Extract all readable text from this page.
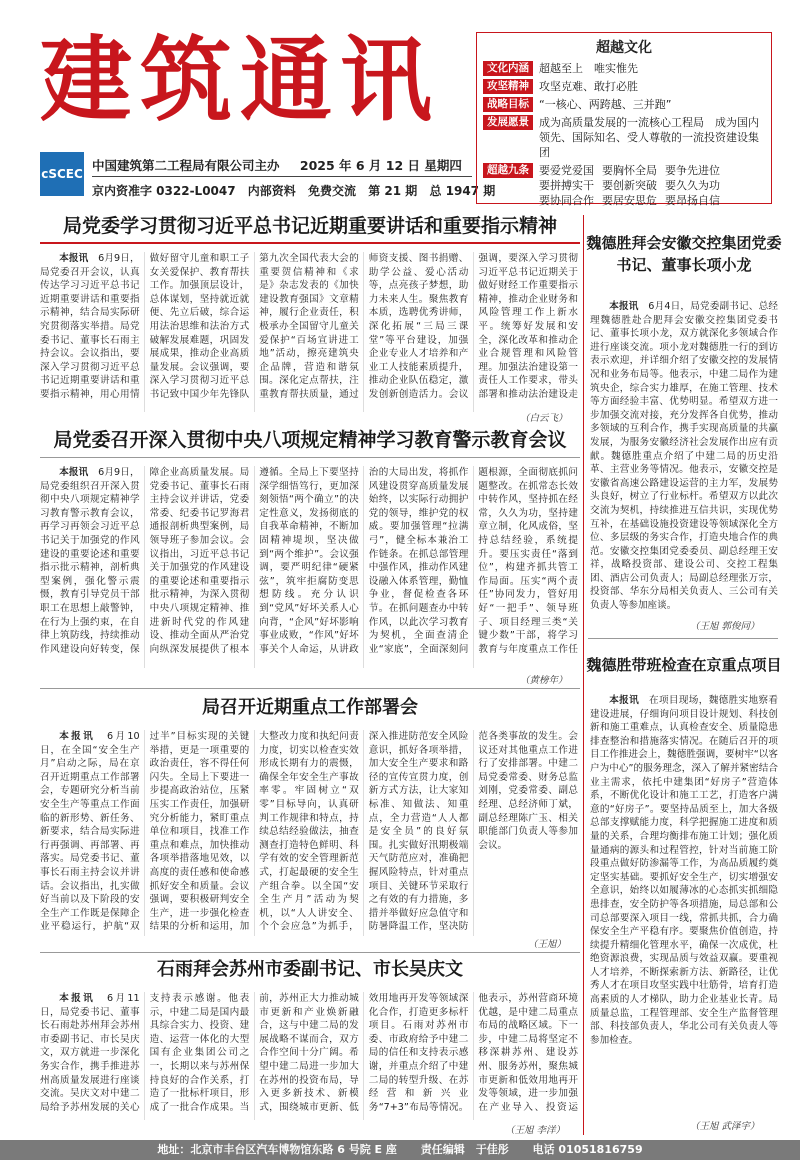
建筑通讯
cSCEC
中国建筑第二工程局有限公司主办 2025 年 6 月 12 日 星期四
京内资准字 0322-L0047 内部资料 免费交流 第 21 期 总 1947 期
超越文化
文化内涵 超越至上　唯实惟先
攻坚精神 攻坚克难、敢打必胜
战略目标 “一核心、两跨越、三并跑”
发展愿景 成为高质量发展的一流核心工程局　成为国内领先、国际知名、受人尊敬的一流投资建设集团
超越九条 要爱党爱国 要胸怀全局 要争先进位
要拼搏实干 要创新突破 要久久为功
要协同合作 要居安思危 要昂扬自信
局党委学习贯彻习近平总书记近期重要讲话和重要指示精神
本报讯　 6月9日，局党委召开会议，认真传达学习习近平总书记近期重要讲话和重要指示精神，结合局实际研究贯彻落实举措。局党委书记、董事长石雨主持会议。会议指出，要深入学习贯彻习近平总书记近期重要讲话和重要指示精神，用心用情做好留守儿童和职工子女关爱保护、教育帮扶工作。加强顶层设计，总体谋划，坚持就近就便、先立后破，综合运用法治思维和法治方式破解发展难题，巩固发展成果，推动企业高质量发展。会议强调，要深入学习贯彻习近平总书记致中国少年先锋队第九次全国代表大会的重要贺信精神和《求是》杂志发表的《加快建设教育强国》文章精神，履行企业责任，积极承办全国留守儿童关爱保护“百场宣讲进工地”活动，擦亮建筑央企品牌，营造和谐氛围。深化定点帮扶，注重教育帮扶质量，通过师资支援、图书捐赠、助学公益、爱心活动等，点亮孩子梦想，助力未来人生。聚焦教育本质，选聘优秀讲师，深化拓展“三局三课堂”等平台建设，加强企业专业人才培养和产业工人技能素质提升，推动企业队伍稳定，激发创新创造活力。会议强调，要深入学习贯彻习近平总书记近期关于做好财经工作重要指示精神，推动企业财务和风险管理工作上新水平。统筹好发展和安全，深化改革和推动企业合规管理和风险管理。加强法治建设第一责任人工作要求，带头部署和推动法治建设走
（白云飞）
局党委召开深入贯彻中央八项规定精神学习教育警示教育会议
本报讯　 6月9日，局党委组织召开深入贯彻中央八项规定精神学习教育警示教育会议，再学习再领会习近平总书记关于加强党的作风建设的重要论述和重要指示批示精神，剖析典型案例，强化警示震慑，教育引导党员干部职工在思想上敲警钟，在行为上强约束，在自律上筑防线，持续推动作风建设向好转变，保障企业高质量发展。局党委书记、董事长石雨主持会议并讲话，党委常委、纪委书记罗海君通报剖析典型案例，局领导班子参加会议。会议指出，习近平总书记关于加强党的作风建设的重要论述和重要指示批示精神，为深入贯彻中央八项规定精神、推进新时代党的作风建设、推动全面从严治党向纵深发展提供了根本遵循。全局上下要坚持深学细悟笃行，更加深刻领悟“两个确立”的决定性意义，发扬彻底的自我革命精神，不断加固精神堤坝，坚决做到“两个维护”。会议强调，要严明纪律“硬紧弦”，筑牢拒腐防变思想防线。充分认识到“党风”好坏关系人心向背，“企风”好坏影响事业成败，“作风”好坏事关个人命运，从讲政治的大局出发，将抓作风建设贯穿高质量发展始终，以实际行动拥护党的领导，维护党的权威。要加强管理“拉满弓”，健全标本兼治工作链条。在抓总部管理中强作风，推动作风建设融入体系管理，勤恤争业，督促检查各环节。在抓问题查办中转作风，以此次学习教育为契机，全面查清企业“家底”，全面深刻问题根源，全面彻底抓问题整改。在抓常态长效中转作风，坚持抓在经常，久久为功，坚持建章立制，化风成俗，坚持总结经验，系统提升。要压实责任“落到位”，构建齐抓共管工作局面。压实“两个责任”协同发力，管好用好“一把手”、领导班子、项目经理三类“关键少数”干部，将学习教育与年度重点工作任
（黄榜年）
局召开近期重点工作部署会
本报讯　 6月10日，在全国“安全生产月”启动之际，局在京召开近期重点工作部署会，专题研究分析当前安全生产等重点工作面临的新形势、新任务、新要求，结合局实际进行再强调、再部署、再落实。局党委书记、董事长石雨主持会议并讲话。会议指出，扎实做好当前以及下阶段的安全生产工作既是保障企业平稳运行，护航“双过半”目标实现的关键举措，更是一项重要的政治责任，容不得任何闪失。全局上下要进一步提高政治站位，压紧压实工作责任，加强研究分析能力，紧盯重点单位和项目，找准工作重点和难点，加快推动各项举措落地见效，以高度的责任感和使命感抓好安全和质量。会议强调，要积极研判安全生产，进一步强化检查结果的分析和运用，加大整改力度和执纪问责力度，切实以检查实效形成长期有力的震慑，确保全年安全生产事故率零。牢固树立“双零”目标导向，认真研判工作规律和特点，持续总结经验做法，抽查测查打造特色鲜明、科学有效的安全管理新范式，打起最硬的安全生产组合拳。以全国“安全生产月”活动为契机，以“人人讲安全、个个会应急”为抓手，深入推进防范安全风险意识，抓好各项举措，加大安全生产要求和路径的宣传宣贯力度，创新方式方法，让大家知标准、知做法、知重点，全力营造“人人都是安全员”的良好氛围。扎实做好汛期极端天气防范应对，准确把握风险特点，针对重点项目、关键环节采取行之有效的有力措施，多措并举做好应急值守和防暑降温工作，坚决防范各类事故的发生。会议还对其他重点工作进行了安排部署。中建二局党委常委、财务总监刘刚，党委常委、副总经理、总经济师丁斌，副总经理陈广玉、相关职能部门负责人等参加会议。
（王旭）
石雨拜会苏州市委副书记、市长吴庆文
本报讯　 6月11日，局党委书记、董事长石雨赴苏州拜会苏州市委副书记、市长吴庆文，双方就进一步深化务实合作，携手推进苏州高质量发展进行座谈交流。吴庆文对中建二局给予苏州发展的关心支持表示感谢。他表示，中建二局是国内最具综合实力、投资、建造、运营一体化的大型国有企业集团公司之一，长期以来与苏州保持良好的合作关系，打造了一批标杆项目，形成了一批合作成果。当前，苏州正大力推动城市更新和产业焕新融合，这与中建二局的发展战略不谋而合，双方合作空间十分广阔。希望中建二局进一步加大在苏州的投资布局，导入更多新技术、新模式，围绕城市更新、低效用地再开发等领域深化合作，打造更多标杆项目。石雨对苏州市委、市政府给予中建二局的信任和支持表示感谢，并重点介绍了中建二局的转型升级、在苏经营和新兴业务“7+3”布局等情况。他表示，苏州营商环境优越，是中建二局重点布局的战略区域。下一步，中建二局将坚定不移深耕苏州、建设苏州、服务苏州，聚焦城市更新和低效用地再开发等领域，进一步加强在产业导入、投资运
（王旭 李洋）
魏德胜拜会安徽交控集团党委书记、董事长项小龙
本报讯　 6月4日，局党委副书记、总经理魏德胜赴合肥拜会安徽交控集团党委书记、董事长项小龙，双方就深化多领域合作进行座谈交流。项小龙对魏德胜一行的到访表示欢迎，并详细介绍了安徽交控的发展情况和业务布局等。他表示，中建二局作为建筑央企，综合实力雄厚，在施工管理、技术等方面经验丰富、优势明显。希望双方进一步加强交流对接，充分发挥各自优势，推动多领域的互利合作，携手实现高质量的共赢发展，为服务安徽经济社会发展作出应有贡献。魏德胜重点介绍了中建二局的历史沿革、主营业务等情况。他表示，安徽交控是安徽省高速公路建设运营的主力军，发展势头良好，树立了行业标杆。希望双方以此次交流为契机，持续推进互信共识，实现优势互补，在基础设施投资建设等领域深化全方位、多层级的务实合作，打造央地合作的典范。安徽交控集团党委委员、副总经理王安祥，战略投资部、建设公司、交控工程集团、酒店公司负责人；局副总经理张万宗，投资部、华东分局相关负责人、三公司有关负责人等参加座谈。
（王旭 郭俊同）
魏德胜带班检查在京重点项目
本报讯　 在项目现场，魏德胜实地察看建设进展，仔细询问项目设计规划、科技创新和施工重难点，认真检查安全、质量隐患排查整治和措施落实情况。在随后召开的项目工作推进会上，魏德胜强调，要树牢“以客户为中心”的服务理念，深入了解并紧密结合业主需求，依托中建集团“好房子”营造体系，不断优化设计和施工工艺，打造客户满意的“好房子”。要坚持品质至上，加大各级总部支撑赋能力度，科学把握施工进度和质量的关系，合理均衡排布施工计划；强化质量通病的源头和过程管控，针对当前施工阶段重点做好防渗漏等工作，为高品质履约奠定坚实基础。要抓好安全生产，切实增强安全意识，始终以如履薄冰的心态抓实抓细隐患排查，安全防护等各项措施，局总部和公司总部要深入项目一线，常抓共抓，合力确保安全生产平稳有序。要聚焦价值创造，持续提升精细化管理水平，确保一次成优，杜绝资源浪费，实现品质与效益双赢。要重视人才培养，不断探索新方法、新路径，让优秀人才在项目攻坚实践中壮筋骨，培育打造高素质的人才梯队，助力企业基业长青。局质量总监，工程管理部、安全生产监督管理部、科技部负责人，华北公司有关负责人等参加检查。
（王旭 武泽宇）
地址：北京市丰台区汽车博物馆东路 6 号院 E 座 责任编辑　于佳彤 电话 01051816759
